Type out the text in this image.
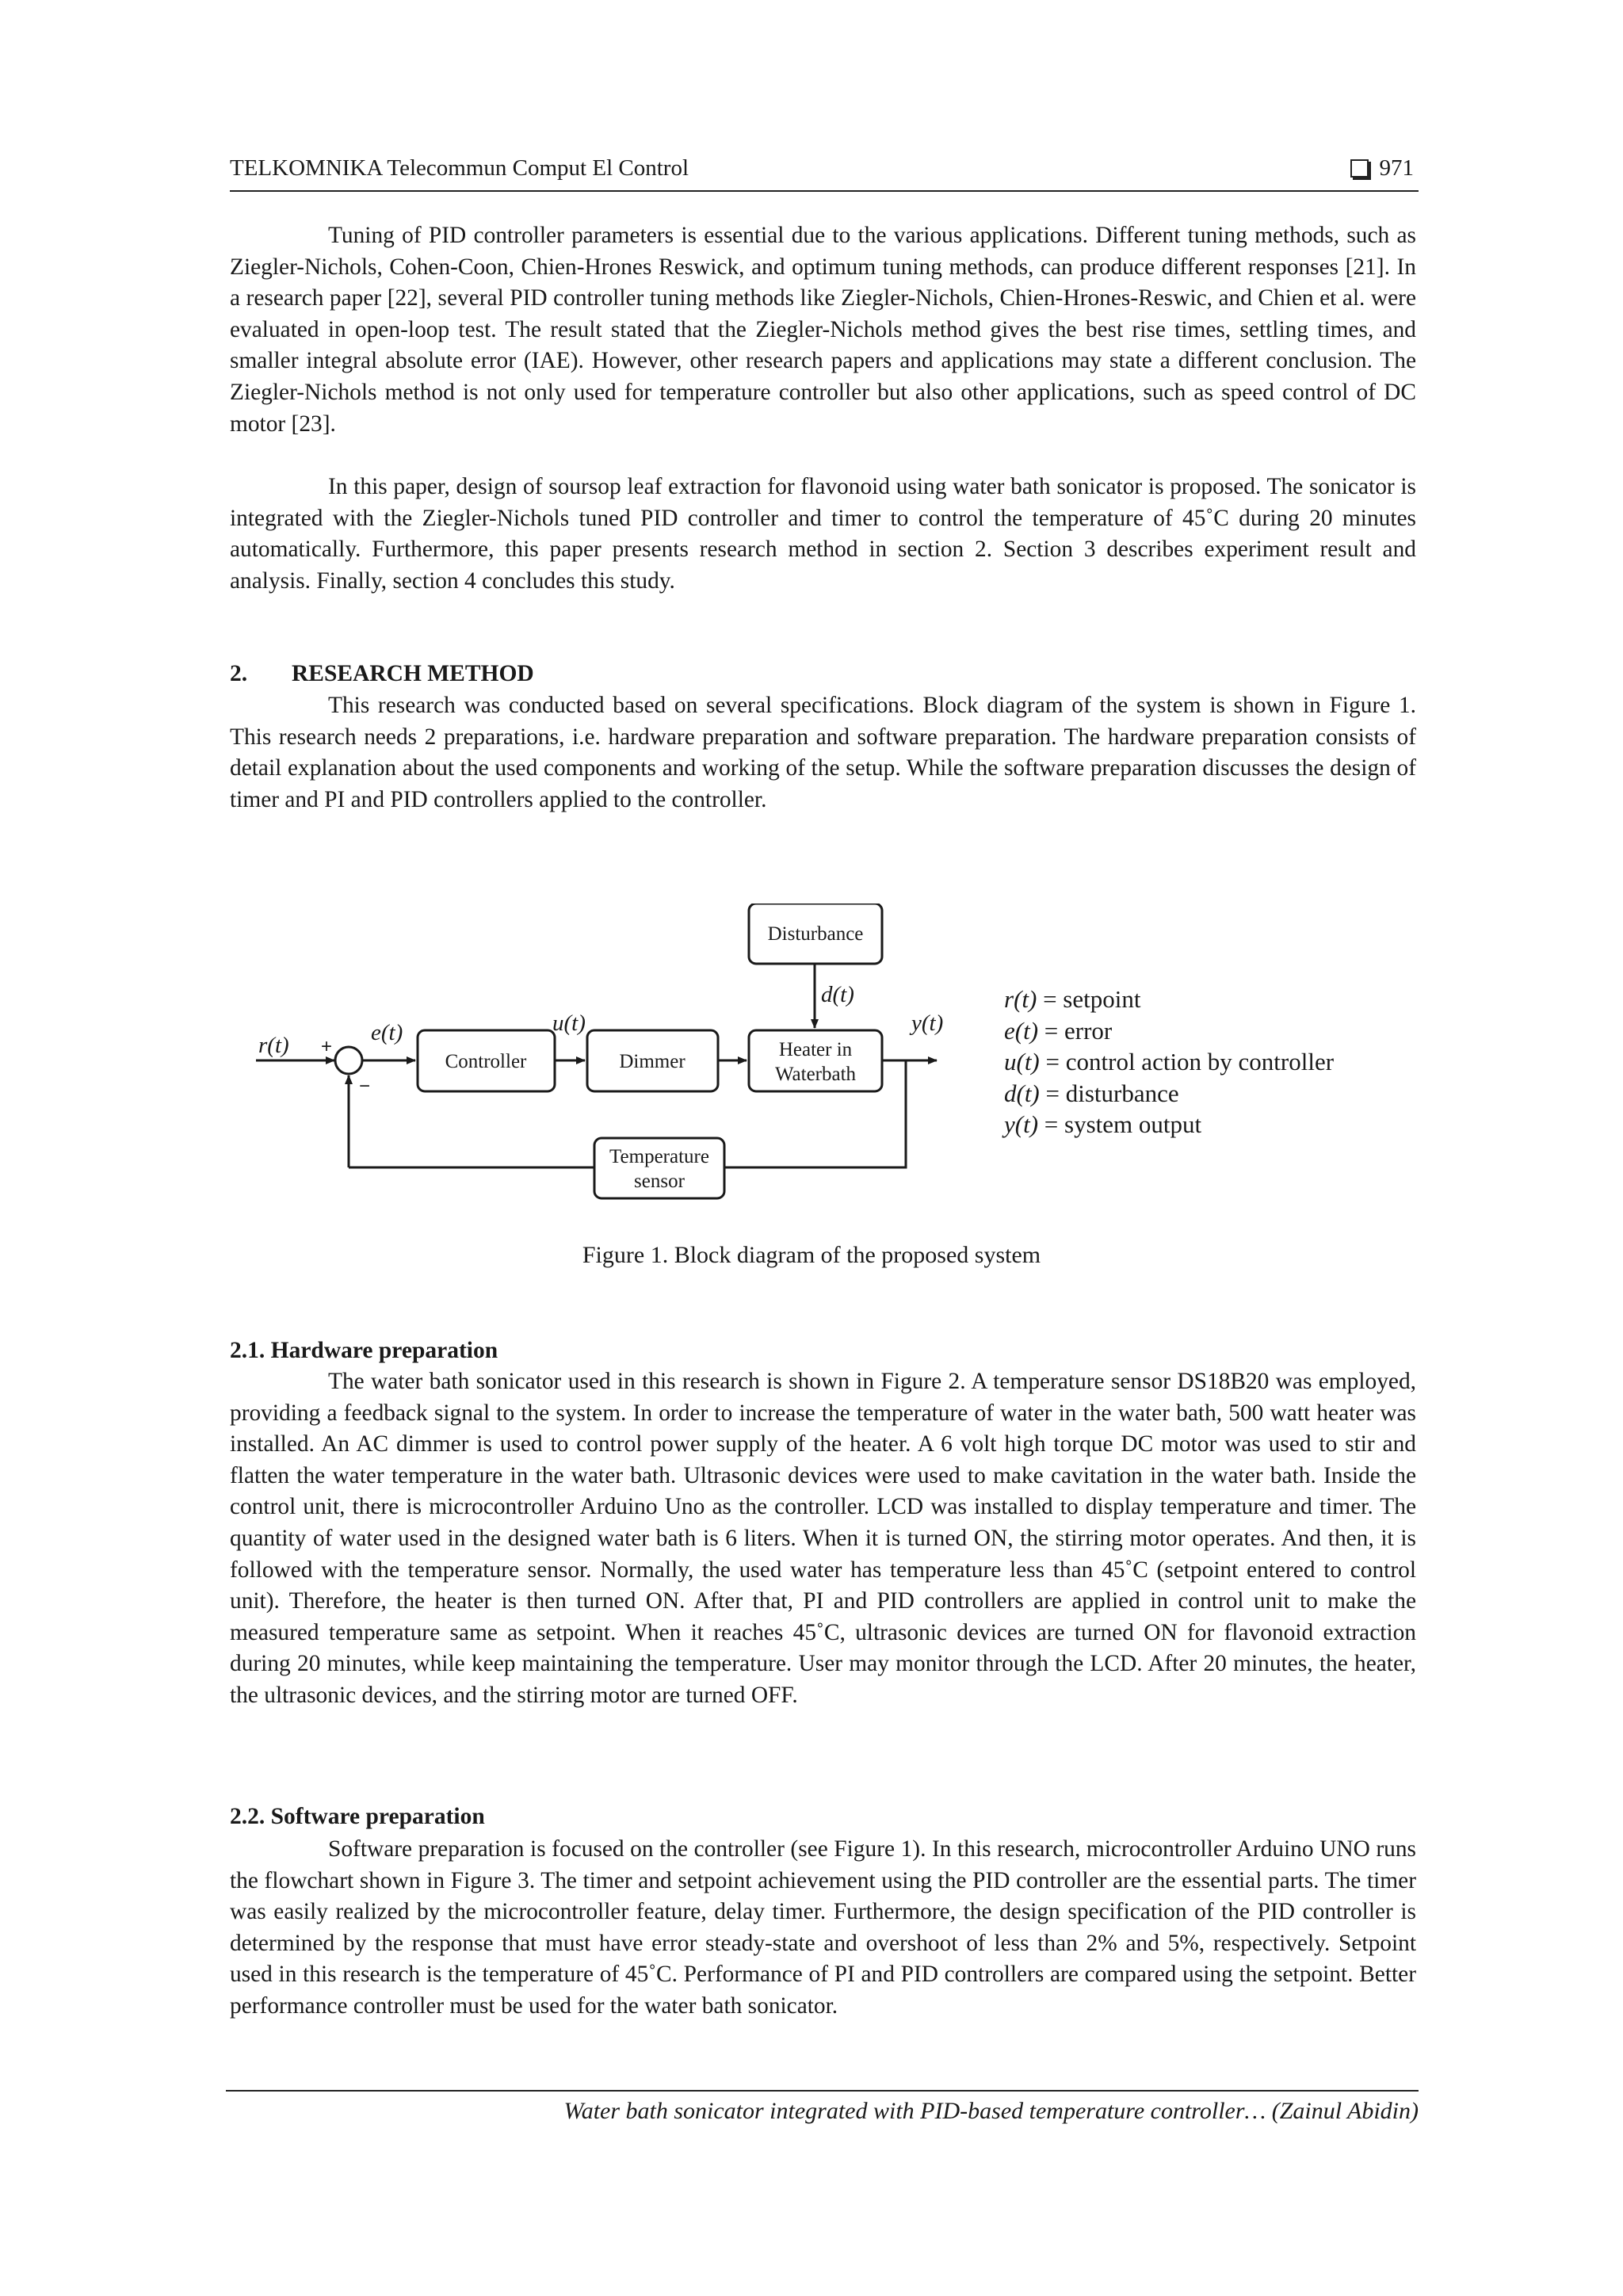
TELKOMNIKA Telecommun Comput El Control	971

Tuning of PID controller parameters is essential due to the various applications. Different tuning methods, such as Ziegler-Nichols, Cohen-Coon, Chien-Hrones Reswick, and optimum tuning methods, can produce different responses [21]. In a research paper [22], several PID controller tuning methods like Ziegler-Nichols, Chien-Hrones-Reswic, and Chien et al. were evaluated in open-loop test. The result stated that the Ziegler-Nichols method gives the best rise times, settling times, and smaller integral absolute error (IAE). However, other research papers and applications may state a different conclusion. The Ziegler-Nichols method is not only used for temperature controller but also other applications, such as speed control of DC motor [23].

In this paper, design of soursop leaf extraction for flavonoid using water bath sonicator is proposed. The sonicator is integrated with the Ziegler-Nichols tuned PID controller and timer to control the temperature of 45˚C during 20 minutes automatically. Furthermore, this paper presents research method in section 2. Section 3 describes experiment result and analysis. Finally, section 4 concludes this study.

2. RESEARCH METHOD

This research was conducted based on several specifications. Block diagram of the system is shown in Figure 1. This research needs 2 preparations, i.e. hardware preparation and software preparation. The hardware preparation consists of detail explanation about the used components and working of the setup. While the software preparation discusses the design of timer and PI and PID controllers applied to the controller.

Controller	Dimmer
Heater in
Waterbath
Disturbance
Temperature
sensor
r(t)	e(t)	u(t)
d(t)
y(t)
+
−
r(t) = setpoint
e(t) = error
u(t) = control action by controller
d(t) = disturbance
y(t) = system output

Figure 1. Block diagram of the proposed system

2.1. Hardware preparation

The water bath sonicator used in this research is shown in Figure 2. A temperature sensor DS18B20 was employed, providing a feedback signal to the system. In order to increase the temperature of water in the water bath, 500 watt heater was installed. An AC dimmer is used to control power supply of the heater. A 6 volt high torque DC motor was used to stir and flatten the water temperature in the water bath. Ultrasonic devices were used to make cavitation in the water bath. Inside the control unit, there is microcontroller Arduino Uno as the controller. LCD was installed to display temperature and timer. The quantity of water used in the designed water bath is 6 liters. When it is turned ON, the stirring motor operates. And then, it is followed with the temperature sensor. Normally, the used water has temperature less than 45˚C (setpoint entered to control unit). Therefore, the heater is then turned ON. After that, PI and PID controllers are applied in control unit to make the measured temperature same as setpoint. When it reaches 45˚C, ultrasonic devices are turned ON for flavonoid extraction during 20 minutes, while keep maintaining the temperature. User may monitor through the LCD. After 20 minutes, the heater, the ultrasonic devices, and the stirring motor are turned OFF.

2.2. Software preparation

Software preparation is focused on the controller (see Figure 1). In this research, microcontroller Arduino UNO runs the flowchart shown in Figure 3. The timer and setpoint achievement using the PID controller are the essential parts. The timer was easily realized by the microcontroller feature, delay timer. Furthermore, the design specification of the PID controller is determined by the response that must have error steady-state and overshoot of less than 2% and 5%, respectively. Setpoint used in this research is the temperature of 45˚C. Performance of PI and PID controllers are compared using the setpoint. Better performance controller must be used for the water bath sonicator.

Water bath sonicator integrated with PID-based temperature controller… (Zainul Abidin)
